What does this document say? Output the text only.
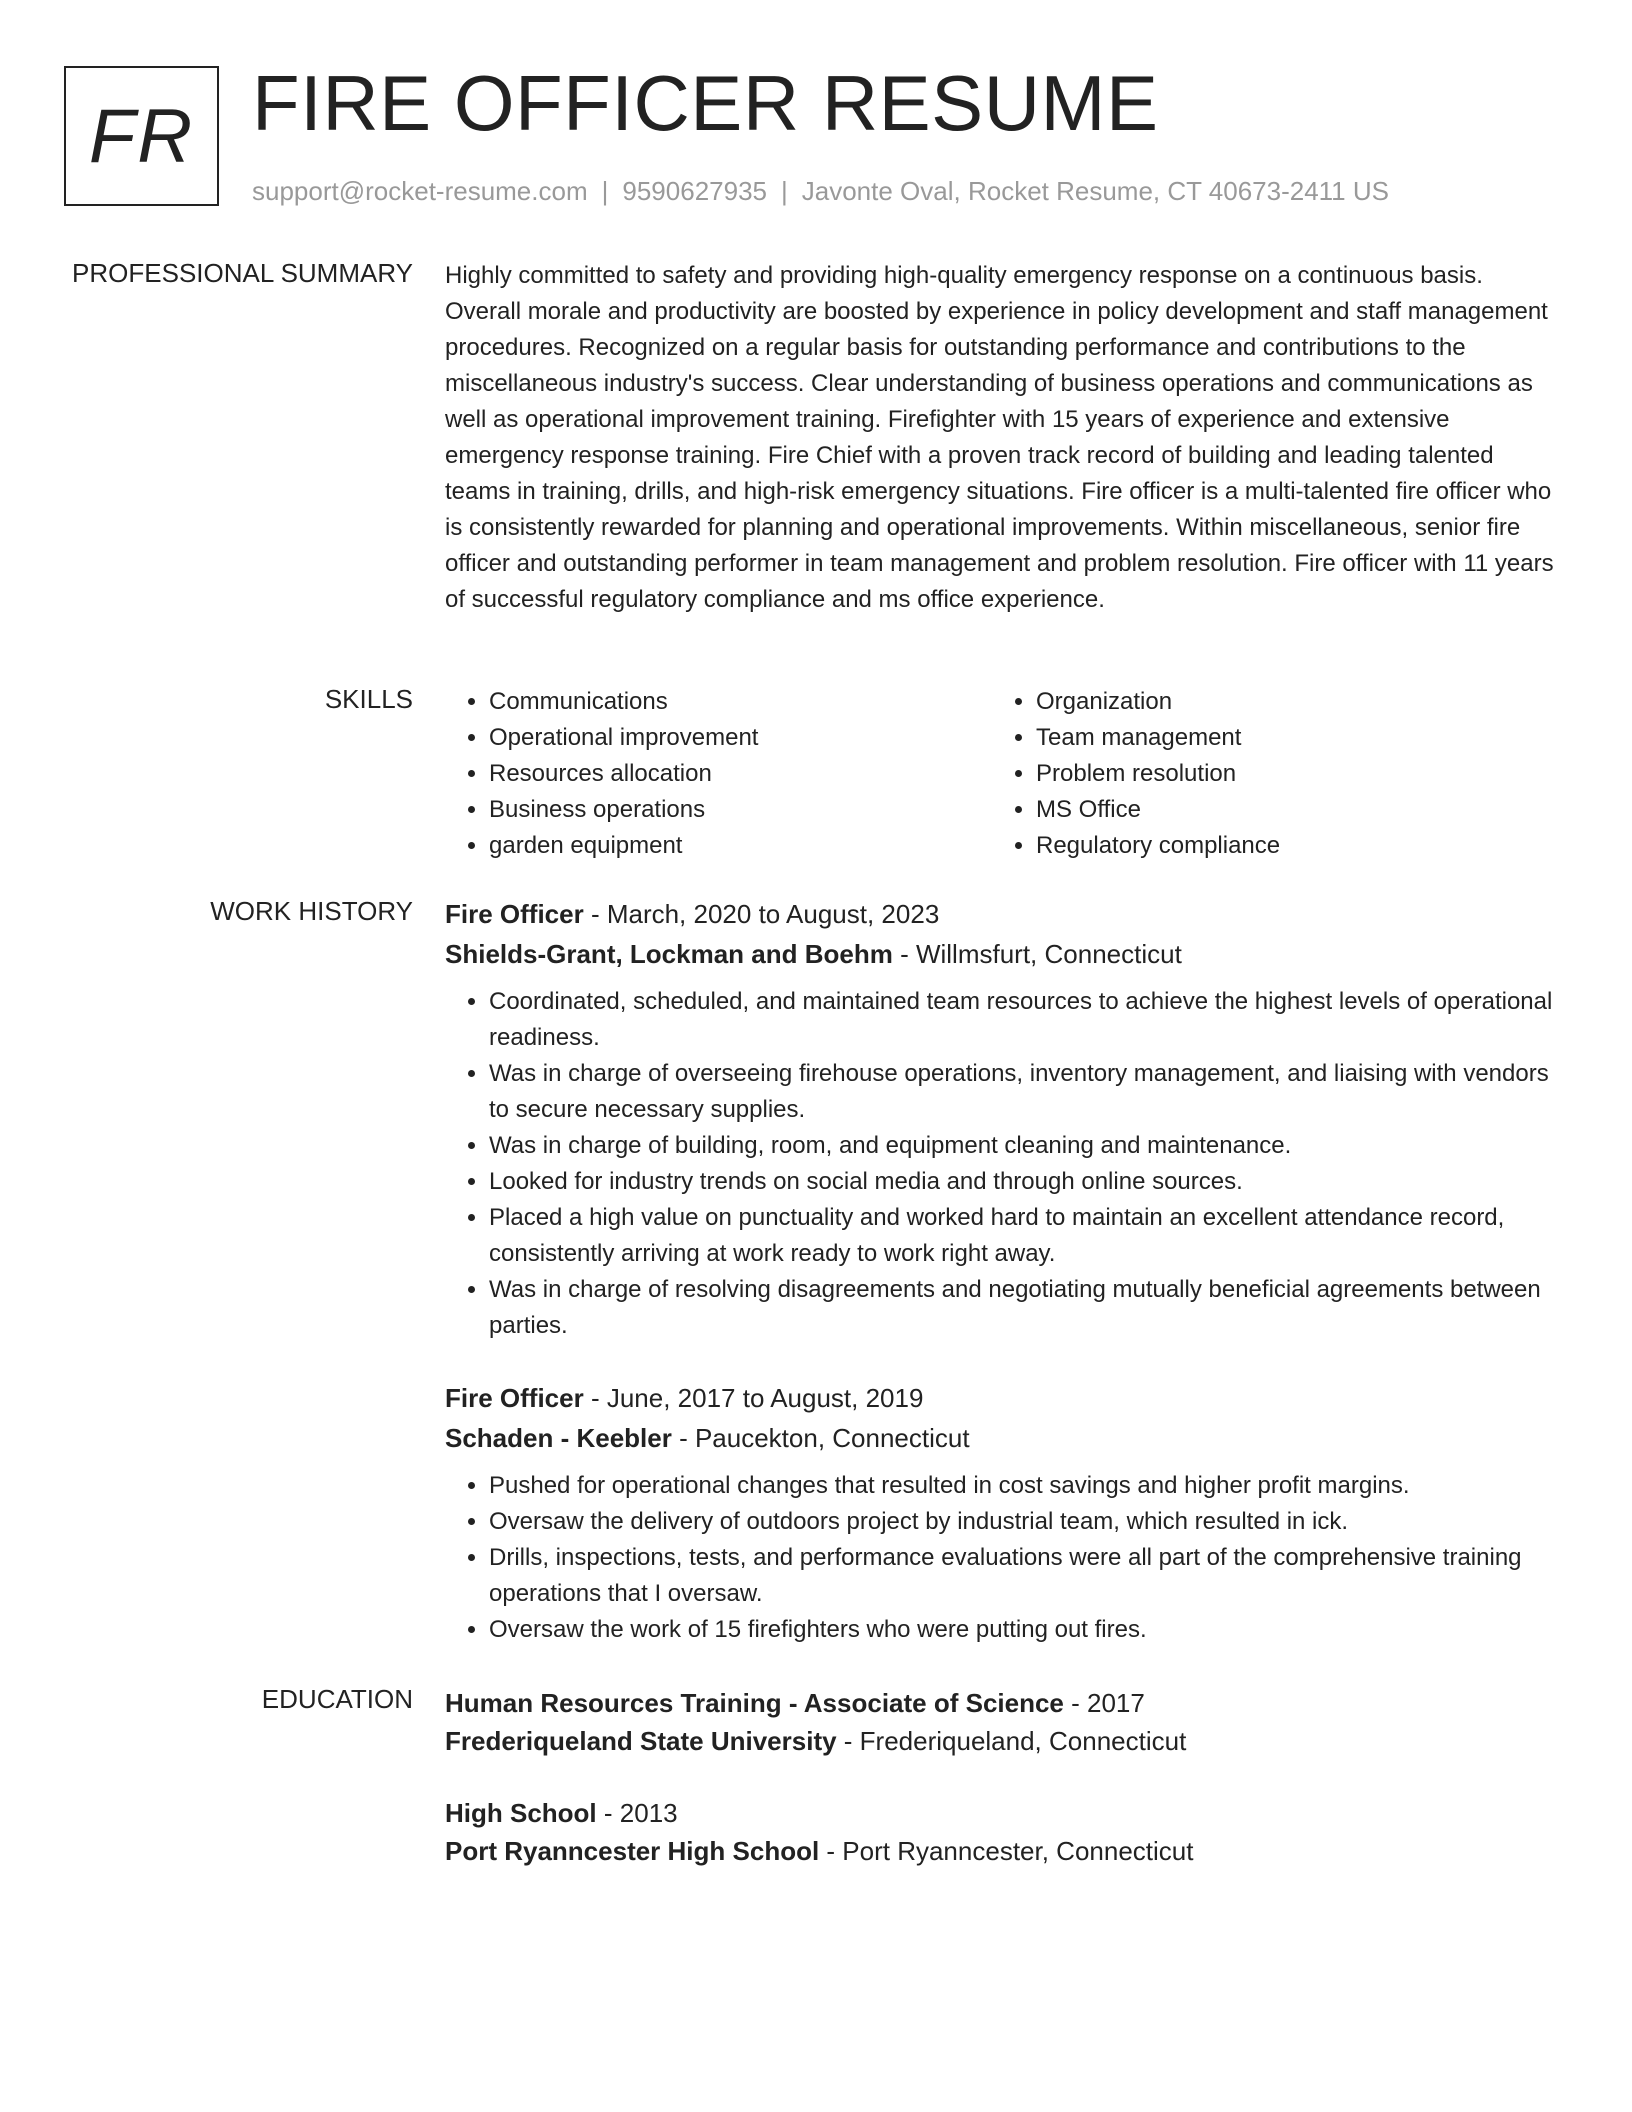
FR FIRE OFFICER RESUME
support@rocket-resume.com | 9590627935 | Javonte Oval, Rocket Resume, CT 40673-2411 US
PROFESSIONAL SUMMARY Highly committed to safety and providing high-quality emergency response on a continuous basis. Overall morale and productivity are boosted by experience in policy development and staff management procedures. Recognized on a regular basis for outstanding performance and contributions to the miscellaneous industry's success. Clear understanding of business operations and communications as well as operational improvement training. Firefighter with 15 years of experience and extensive emergency response training. Fire Chief with a proven track record of building and leading talented teams in training, drills, and high-risk emergency situations. Fire officer is a multi-talented fire officer who is consistently rewarded for planning and operational improvements. Within miscellaneous, senior fire officer and outstanding performer in team management and problem resolution. Fire officer with 11 years of successful regulatory compliance and ms office experience.

SKILLS
•	Communications
• Operational improvement
• Resources allocation
• Business operations
• garden equipment
• Organization
• Team management
• Problem resolution
• MS Office
• Regulatory compliance
WORK HISTORY Fire Officer - March, 2020 to August, 2023

Shields-Grant, Lockman and Boehm - Willmsfurt, Connecticut

• Coordinated, scheduled, and maintained team resources to achieve the highest levels of operational readiness.
• Was in charge of overseeing firehouse operations, inventory management, and liaising with vendors to secure necessary supplies.
• Was in charge of building, room, and equipment cleaning and maintenance.
• Looked for industry trends on social media and through online sources.
• Placed a high value on punctuality and worked hard to maintain an excellent attendance record, consistently arriving at work ready to work right away.
• Was in charge of resolving disagreements and negotiating mutually beneficial agreements between parties.

Fire Officer - June, 2017 to August, 2019

Schaden - Keebler - Paucekton, Connecticut

• Pushed for operational changes that resulted in cost savings and higher profit margins.
• Oversaw the delivery of outdoors project by industrial team, which resulted in ick.
• Drills, inspections, tests, and performance evaluations were all part of the comprehensive training operations that I oversaw.
• Oversaw the work of 15 firefighters who were putting out fires.
EDUCATION Human Resources Training - Associate of Science - 2017

Frederiqueland State University - Frederiqueland, Connecticut

High School - 2013

Port Ryanncester High School - Port Ryanncester, Connecticut
